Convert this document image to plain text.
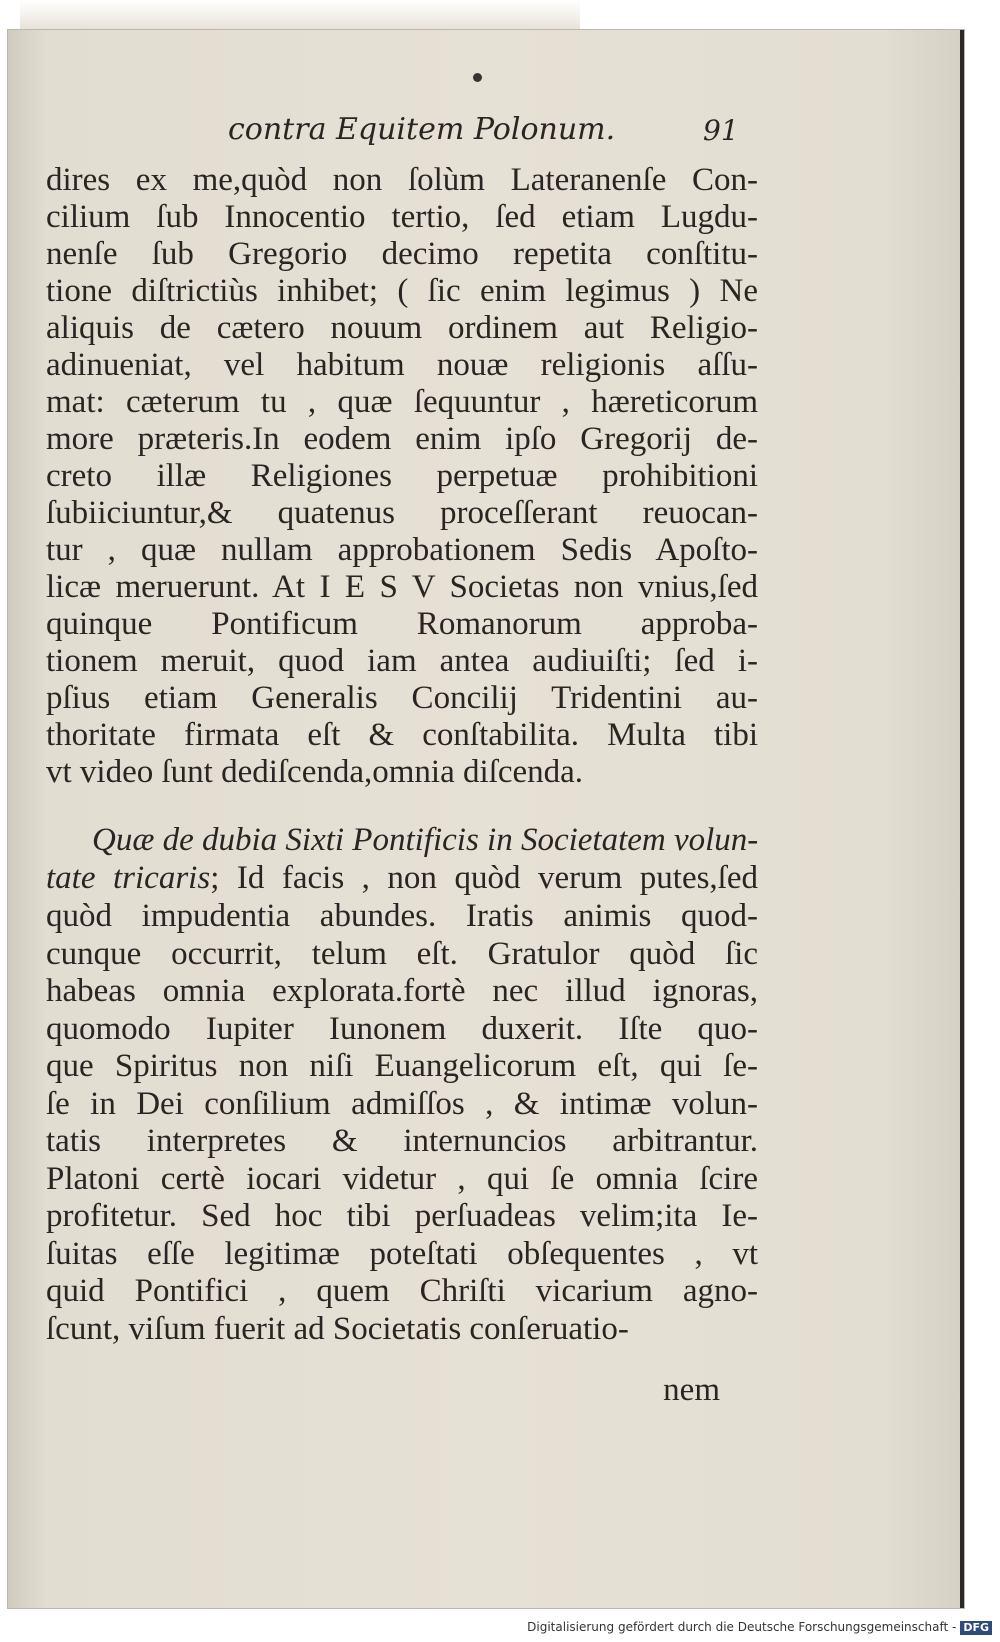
contra Equitem Polonum.	91
dires ex me,quòd non ſolùm Lateranenſe Con-
cilium ſub Innocentio tertio, ſed etiam Lugdu-
nenſe ſub Gregorio decimo repetita conſtitu-
tione diſtrictiùs inhibet; ( ſic enim legimus ) Ne
aliquis de cætero nouum ordinem aut Religio-
adinueniat, vel habitum nouæ religionis aſſu-
mat: cæterum tu , quæ ſequuntur , hæreticorum
more prætеris.In eodem enim ipſo Gregorij de-
creto illæ Religiones perpetuæ prohibitioni
ſubiiciuntur,& quatenus proceſſerant reuocan-
tur , quæ nullam approbationem Sedis Apoſto-
licæ meruerunt. At I E S V Societas non vnius,ſed
quinque Pontificum Romanorum approba-
tionem meruit, quod iam antea audiuiſti; ſed i-
pſius etiam Generalis Concilij Tridentini au-
thoritate firmata eſt & conſtabilita. Multa tibi
vt video ſunt dediſcenda,omnia diſcenda.
Quæ de dubia Sixti Pontificis in Societatem volun-
tate tricaris; Id facis , non quòd verum putes,ſed
quòd impudentia abundes. Iratis animis quod-
cunque occurrit, telum eſt. Gratulor quòd ſic
habeas omnia explorata.fortè nec illud ignoras,
quomodo Iupiter Iunonem duxerit. Iſte quo-
que Spiritus non niſi Euangelicorum eſt, qui ſe-
ſe in Dei conſilium admiſſos , & intimæ volun-
tatis interpretes & internuncios arbitrantur.
Platoni certè iocari videtur , qui ſe omnia ſcire
profitetur. Sed hoc tibi perſuadeas velim;ita Ie-
ſuitas eſſe legitimæ poteſtati obſequentes , vt
quid Pontifici , quem Chriſti vicarium agno-
ſcunt, viſum fuerit ad Societatis conſeruatio-
nem
Digitalisierung gefördert durch die Deutsche Forschungsgemeinschaft - DFG
